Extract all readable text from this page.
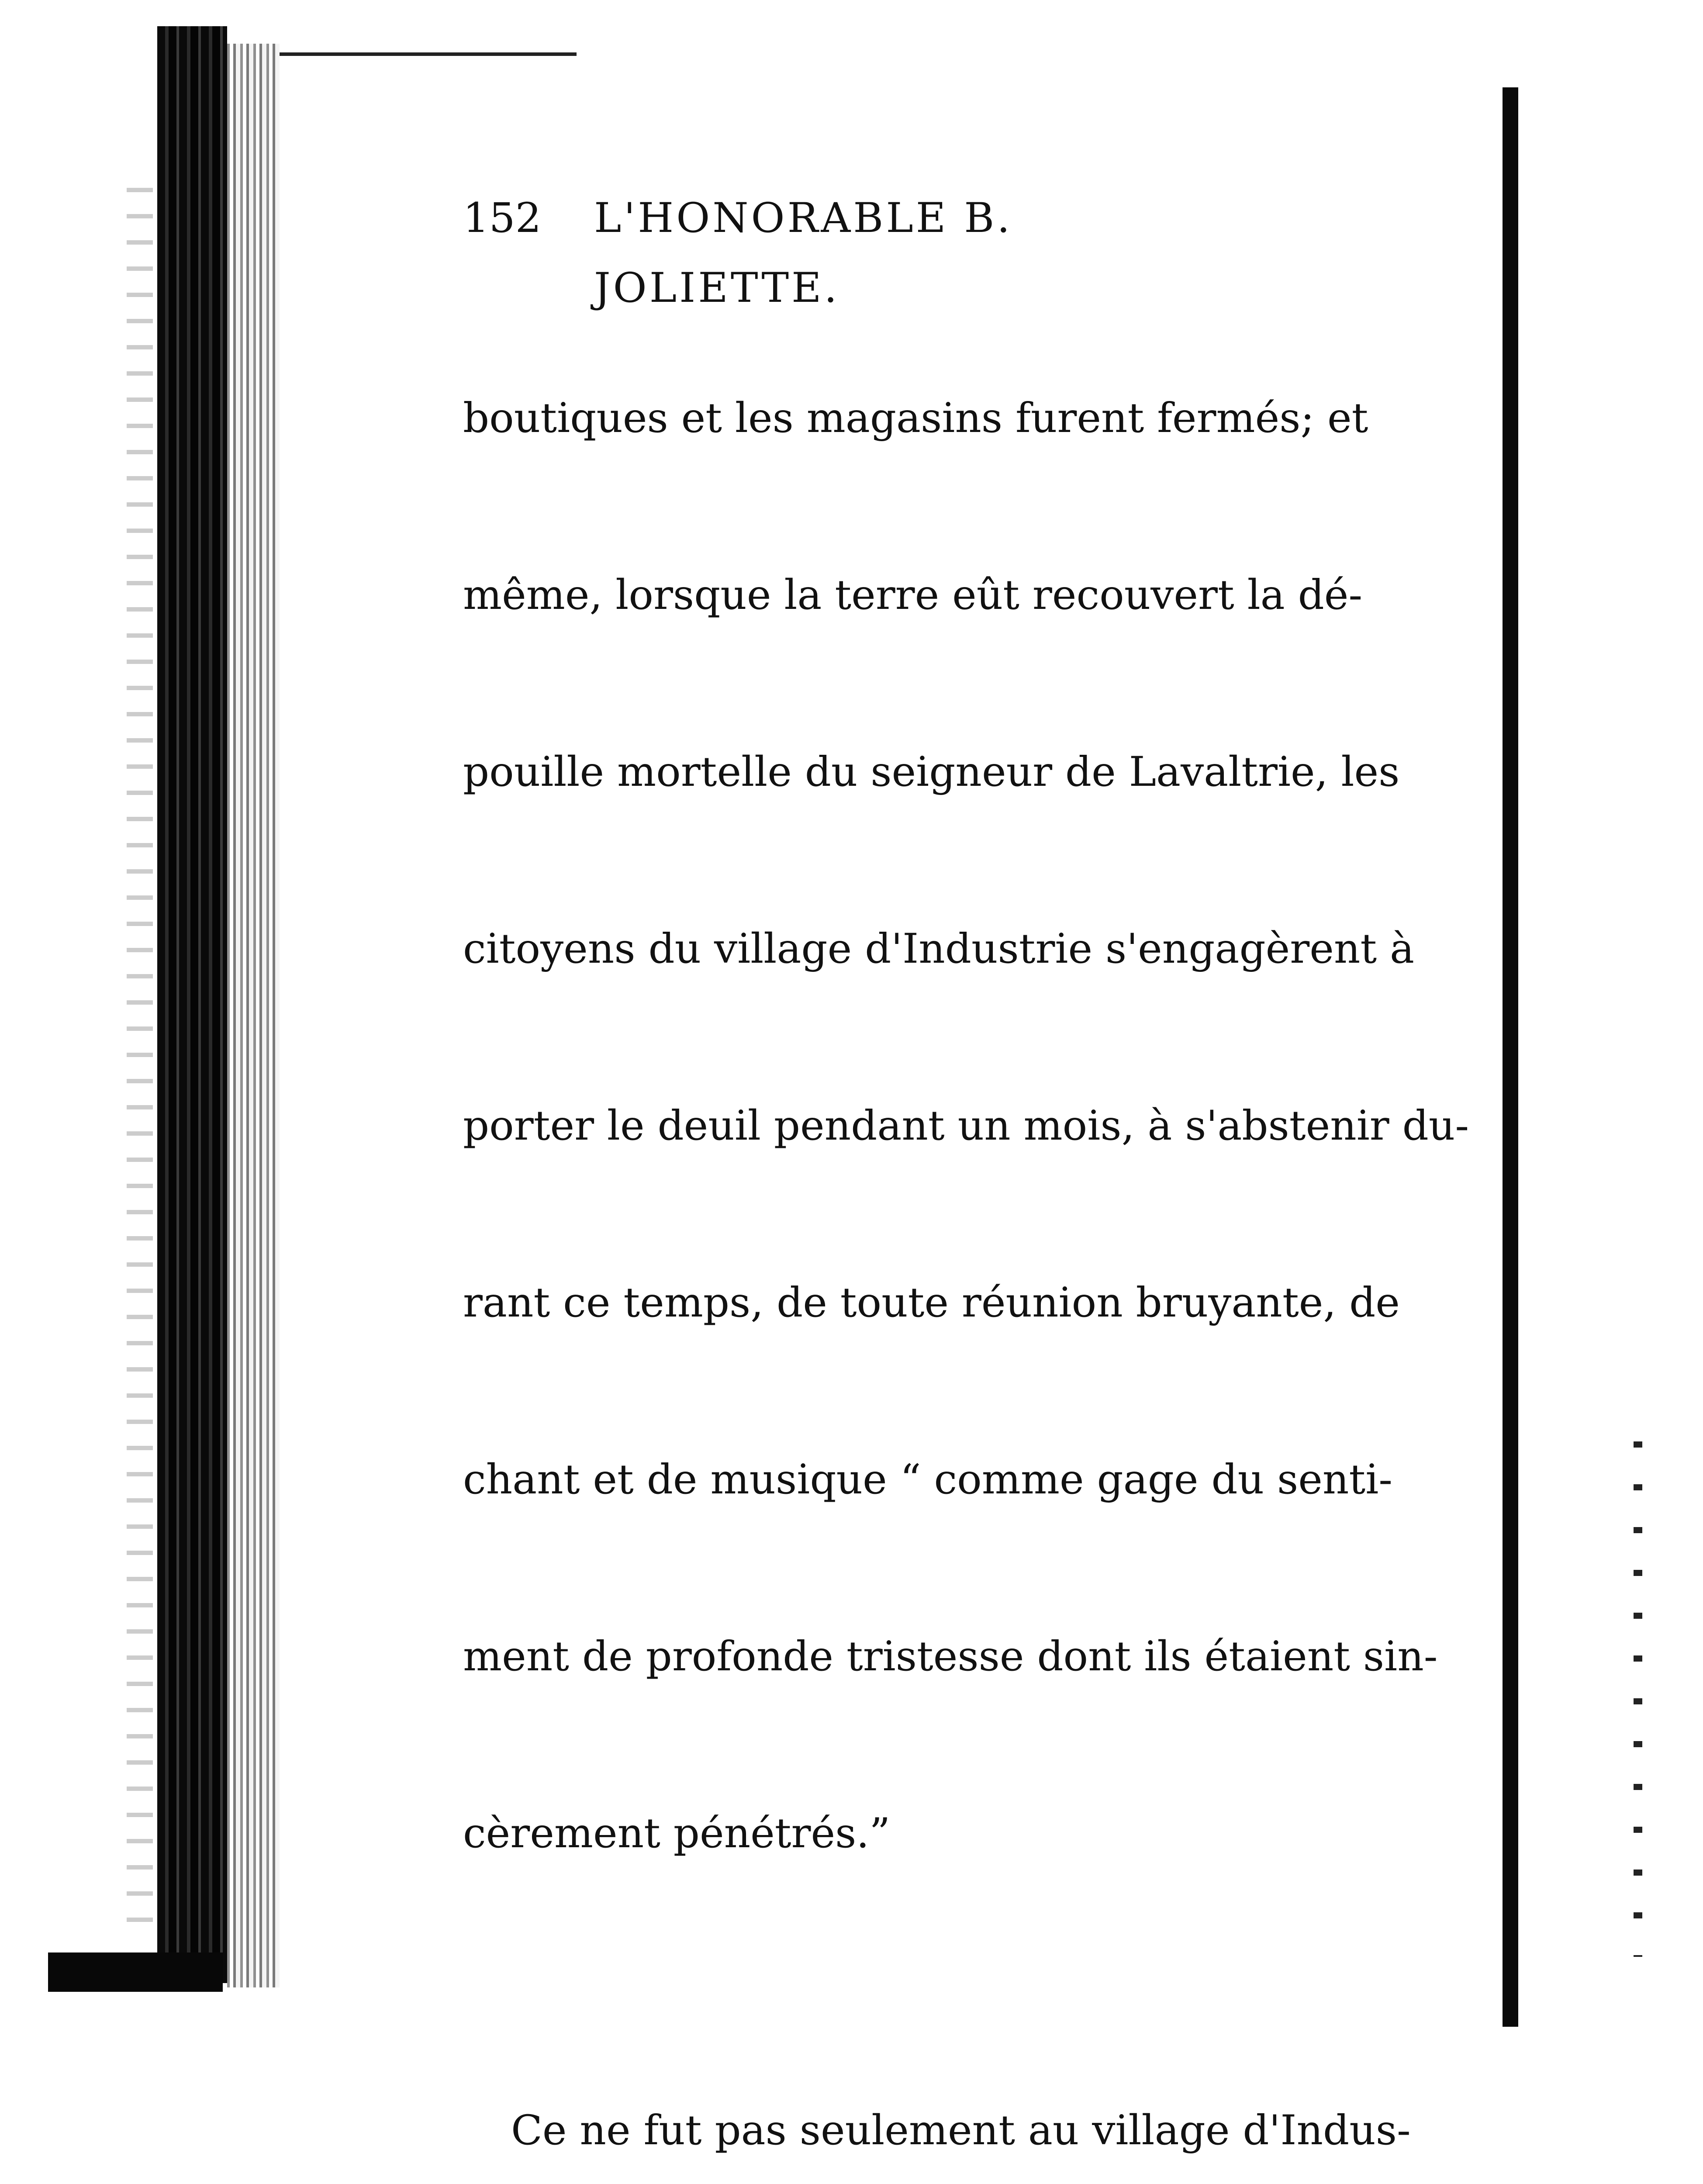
152 L'HONORABLE B. JOLIETTE.

boutiques et les magasins furent fermés; et

même, lorsque la terre eût recouvert la dé-

pouille mortelle du seigneur de Lavaltrie, les

citoyens du village d'Industrie s'engagèrent à

porter le deuil pendant un mois, à s'abstenir du-

rant ce temps, de toute réunion bruyante, de

chant et de musique “ comme gage du senti-

ment de profonde tristesse dont ils étaient sin-

cèrement pénétrés.”

Ce ne fut pas seulement au village d'Indus-
